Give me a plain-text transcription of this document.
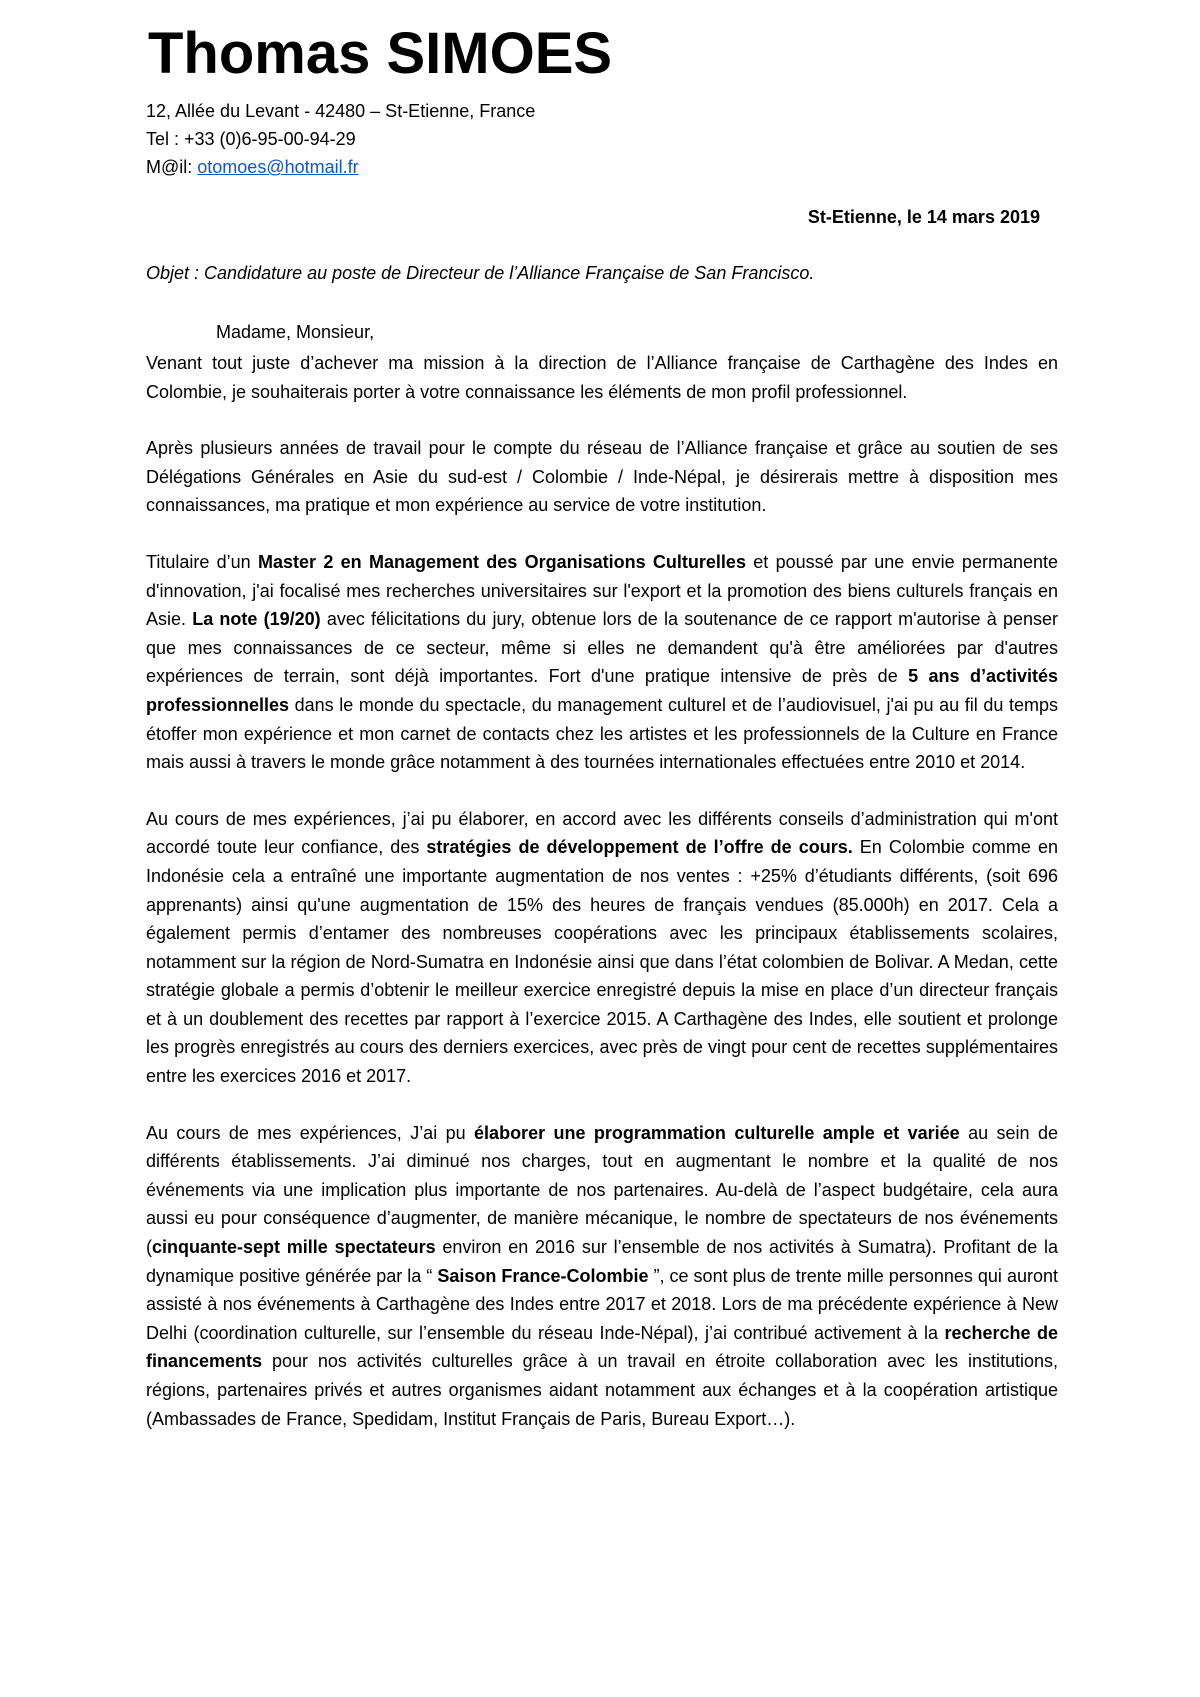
Thomas SIMOES
12, Allée du Levant - 42480 – St-Etienne, France
Tel : +33 (0)6-95-00-94-29
M@il: otomoes@hotmail.fr
St-Etienne, le 14 mars 2019
Objet : Candidature au poste de Directeur de l’Alliance Française de San Francisco.
Madame, Monsieur,

Venant tout juste d’achever ma mission à la direction de l’Alliance française de Carthagène des Indes en Colombie, je souhaiterais porter à votre connaissance les éléments de mon profil professionnel.

Après plusieurs années de travail pour le compte du réseau de l’Alliance française et grâce au soutien de ses Délégations Générales en Asie du sud-est / Colombie / Inde-Népal, je désirerais mettre à disposition mes connaissances, ma pratique et mon expérience au service de votre institution.

Titulaire d’un Master 2 en Management des Organisations Culturelles et poussé par une envie permanente d'innovation, j'ai focalisé mes recherches universitaires sur l'export et la promotion des biens culturels français en Asie. La note (19/20) avec félicitations du jury, obtenue lors de la soutenance de ce rapport m'autorise à penser que mes connaissances de ce secteur, même si elles ne demandent qu'à être améliorées par d'autres expériences de terrain, sont déjà importantes. Fort d'une pratique intensive de près de 5 ans d’activités professionnelles dans le monde du spectacle, du management culturel et de l’audiovisuel, j'ai pu au fil du temps étoffer mon expérience et mon carnet de contacts chez les artistes et les professionnels de la Culture en France mais aussi à travers le monde grâce notamment à des tournées internationales effectuées entre 2010 et 2014.

Au cours de mes expériences, j’ai pu élaborer, en accord avec les différents conseils d’administration qui m'ont accordé toute leur confiance, des stratégies de développement de l’offre de cours. En Colombie comme en Indonésie cela a entraîné une importante augmentation de nos ventes : +25% d’étudiants différents, (soit 696 apprenants) ainsi qu'une augmentation de 15% des heures de français vendues (85.000h) en 2017. Cela a également permis d’entamer des nombreuses coopérations avec les principaux établissements scolaires, notamment sur la région de Nord-Sumatra en Indonésie ainsi que dans l’état colombien de Bolivar. A Medan, cette stratégie globale a permis d’obtenir le meilleur exercice enregistré depuis la mise en place d’un directeur français et à un doublement des recettes par rapport à l’exercice 2015. A Carthagène des Indes, elle soutient et prolonge les progrès enregistrés au cours des derniers exercices, avec près de vingt pour cent de recettes supplémentaires entre les exercices 2016 et 2017.

Au cours de mes expériences, J’ai pu élaborer une programmation culturelle ample et variée au sein de différents établissements. J’ai diminué nos charges, tout en augmentant le nombre et la qualité de nos événements via une implication plus importante de nos partenaires. Au-delà de l’aspect budgétaire, cela aura aussi eu pour conséquence d’augmenter, de manière mécanique, le nombre de spectateurs de nos événements (cinquante-sept mille spectateurs environ en 2016 sur l’ensemble de nos activités à Sumatra). Profitant de la dynamique positive générée par la “ Saison France-Colombie ”, ce sont plus de trente mille personnes qui auront assisté à nos événements à Carthagène des Indes entre 2017 et 2018. Lors de ma précédente expérience à New Delhi (coordination culturelle, sur l’ensemble du réseau Inde-Népal), j’ai contribué activement à la recherche de financements pour nos activités culturelles grâce à un travail en étroite collaboration avec les institutions, régions, partenaires privés et autres organismes aidant notamment aux échanges et à la coopération artistique (Ambassades de France, Spedidam, Institut Français de Paris, Bureau Export…).
